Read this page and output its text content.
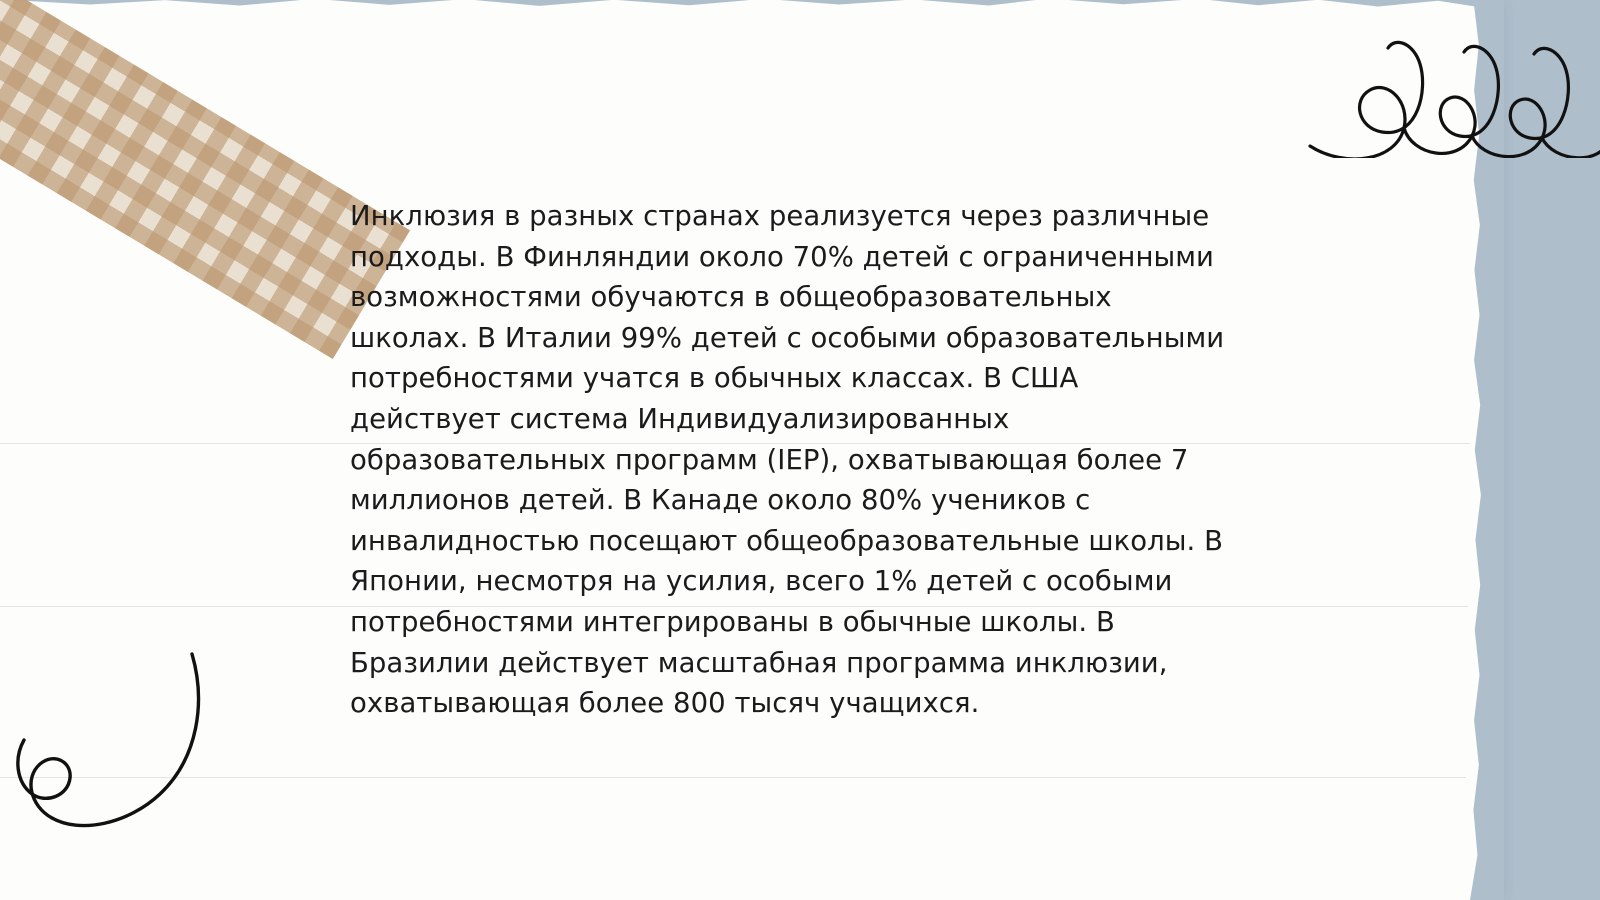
Инклюзия в разных странах реализуется через различные подходы. В Финляндии около 70% детей с ограниченными возможностями обучаются в общеобразовательных школах. В Италии 99% детей с особыми образовательными потребностями учатся в обычных классах. В США действует система Индивидуализированных образовательных программ (IEP), охватывающая более 7 миллионов детей. В Канаде около 80% учеников с инвалидностью посещают общеобразовательные школы. В Японии, несмотря на усилия, всего 1% детей с особыми потребностями интегрированы в обычные школы. В Бразилии действует масштабная программа инклюзии, охватывающая более 800 тысяч учащихся.
